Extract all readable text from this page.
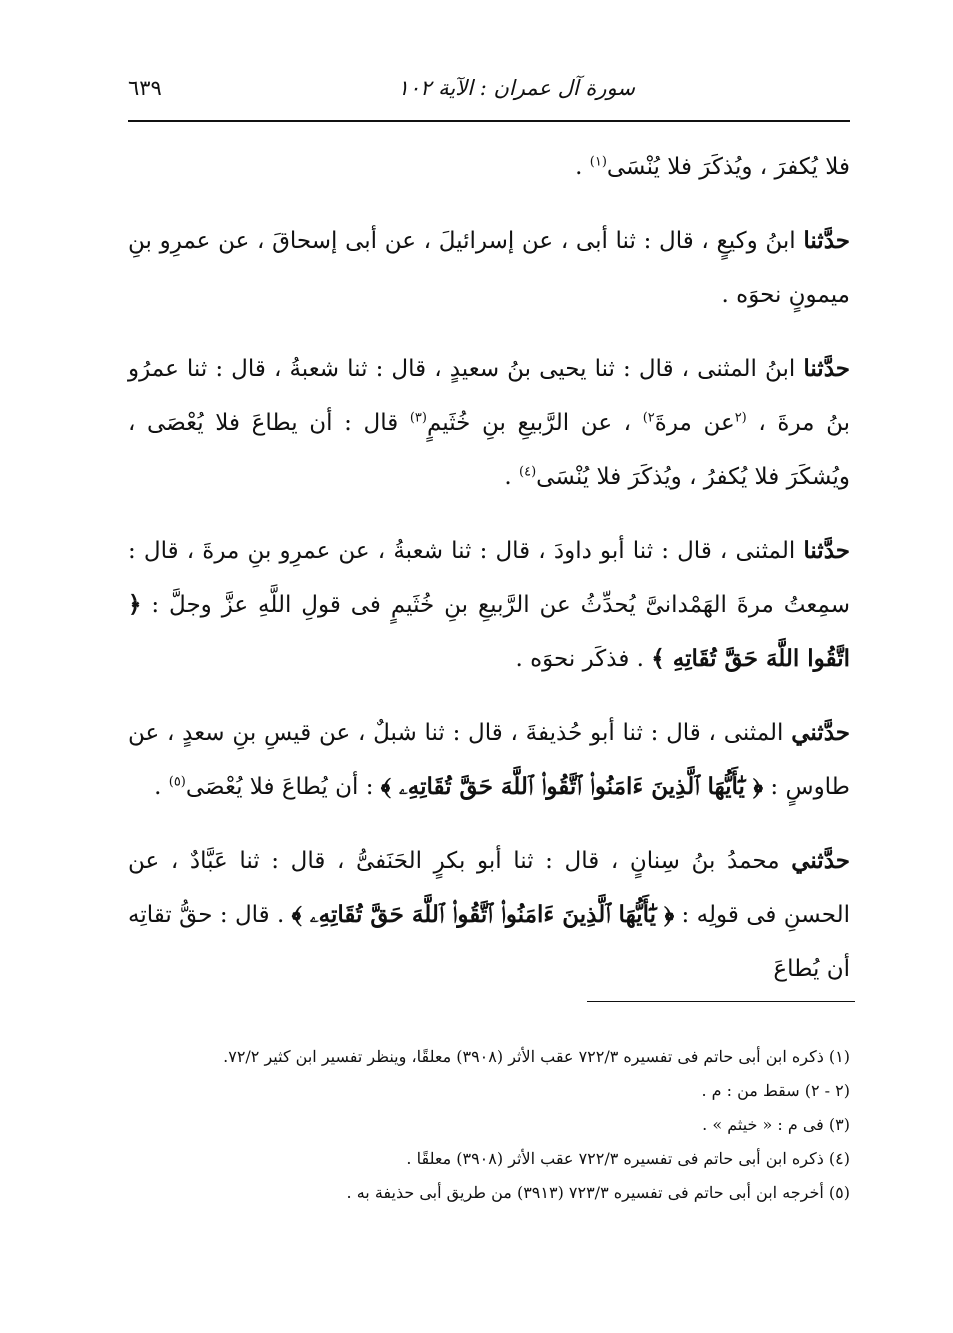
سورة آل عمران : الآية ١٠٢
٦٣٩

فلا يُكفرَ ، ويُذكَرَ فلا يُنْسَى$^{(١)}$ .

حدَّثنا ابنُ وكيعٍ ، قال : ثنا أبى ، عن إسرائيلَ ، عن أبى إسحاقَ ، عن عمرِو بنِ ميمونٍ نحوَه .

حدَّثنا ابنُ المثنى ، قال : ثنا يحيى بنُ سعيدٍ ، قال : ثنا شعبةُ ، قال : ثنا عمرُو بنُ مرةَ ، $^{(٢}$عن مرةَ$^{٢)}$ ، عن الرَّبيعِ بنِ خُثَيمٍ$^{(٣)}$ قال : أن يطاعَ فلا يُعْصَى ، ويُشكَرَ فلا يُكفرُ ، ويُذكَرَ فلا يُنْسَى$^{(٤)}$ .

حدَّثنا المثنى ، قال : ثنا أبو داودَ ، قال : ثنا شعبةُ ، عن عمرِو بنِ مرةَ ، قال : سمِعتُ مرةَ الهَمْدانىَّ يُحدِّثُ عن الرَّبيعِ بنِ خُثَيمٍ فى قولِ اللَّهِ عزَّ وجلَّ : ﴿ اتَّقُوا اللَّهَ حَقَّ تُقَاتِهِ ﴾ . فذكَر نحوَه .

حدَّثني المثنى ، قال : ثنا أبو حُذيفةَ ، قال : ثنا شبلٌ ، عن قيسِ بنِ سعدٍ ، عن طاوسٍ : ﴿ يَٰٓأَيُّهَا ٱلَّذِينَ ءَامَنُوا۟ ٱتَّقُوا۟ ٱللَّهَ حَقَّ تُقَاتِهِۦ ﴾ : أن يُطاعَ فلا يُعْصَى$^{(٥)}$ .

حدَّثني محمدُ بنُ سِنانٍ ، قال : ثنا أبو بكرٍ الحَنَفىُّ ، قال : ثنا عَبَّادٌ ، عن الحسنِ فى قولِه : ﴿ يَٰٓأَيُّهَا ٱلَّذِينَ ءَامَنُوا۟ ٱتَّقُوا۟ ٱللَّهَ حَقَّ تُقَاتِهِۦ ﴾ . قال : حقُّ تقاتِه أن يُطاعَ

(١) ذكره ابن أبى حاتم فى تفسيره ٧٢٢/٣ عقب الأثر (٣٩٠٨) معلقًا، وينظر تفسير ابن كثير ٧٢/٢.

(٢ - ٢) سقط من : م .

(٣) فى م : « خيثم » .

(٤) ذكره ابن أبى حاتم فى تفسيره ٧٢٢/٣ عقب الأثر (٣٩٠٨) معلقًا .

(٥) أخرجه ابن أبى حاتم فى تفسيره ٧٢٣/٣ (٣٩١٣) من طريق أبى حذيفة به .
